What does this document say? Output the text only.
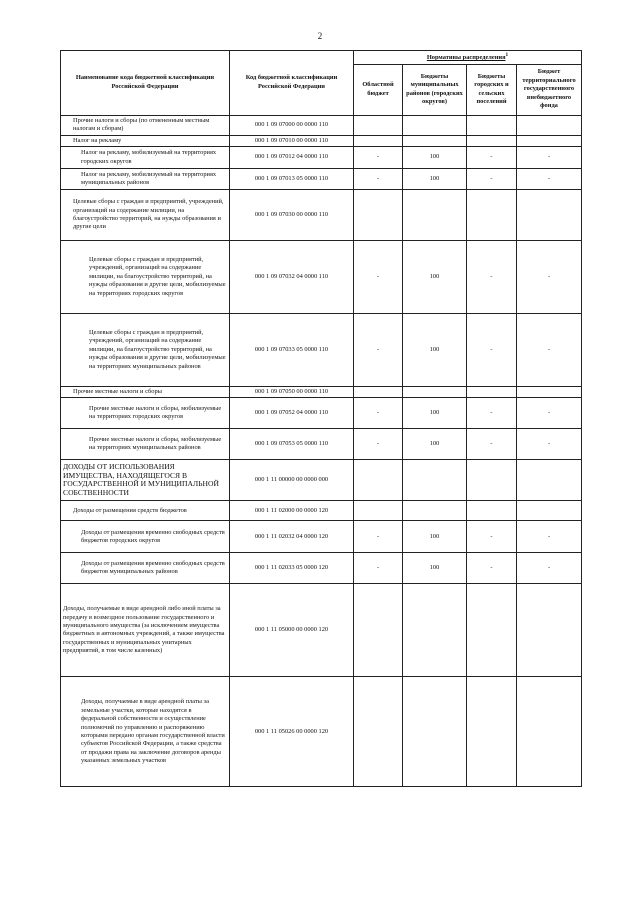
2
Наименование кода бюджетной классификации Российской Федерации	Код бюджетной классификации Российской Федерации	Нормативы распределения$^1$
		Областной бюджет	Бюджеты муниципальных районов (городских округов)	Бюджеты городских и сельских поселений	Бюджет территориального государственного внебюджетного фонда
Прочие налоги и сборы (по отмененным местным налогам и сборам)	000 1 09 07000 00 0000 110				
Налог на рекламу	000 1 09 07010 00 0000 110				
Налог на рекламу, мобилизуемый на территориях городских округов	000 1 09 07012 04 0000 110	-	100	-	-
Налог на рекламу, мобилизуемый на территориях муниципальных районов	000 1 09 07013 05 0000 110	-	100	-	-
Целевые сборы с граждан и предприятий, учреждений, организаций на содержание милиции, на благоустройство территорий, на нужды образования и другие цели	000 1 09 07030 00 0000 110				
Целевые сборы с граждан и предприятий, учреждений, организаций на содержание милиции, на благоустройство территорий, на нужды образования и другие цели, мобилизуемые на территориях городских округов	000 1 09 07032 04 0000 110	-	100	-	-
Целевые сборы с граждан и предприятий, учреждений, организаций на содержание милиции, на благоустройство территорий, на нужды образования и другие цели, мобилизуемые на территориях муниципальных районов	000 1 09 07033 05 0000 110	-	100	-	-
Прочие местные налоги и сборы	000 1 09 07050 00 0000 110				
Прочие местные налоги и сборы, мобилизуемые на территориях городских округов	000 1 09 07052 04 0000 110	-	100	-	-
Прочие местные налоги и сборы, мобилизуемые на территориях муниципальных районов	000 1 09 07053 05 0000 110	-	100	-	-
ДОХОДЫ ОТ ИСПОЛЬЗОВАНИЯ ИМУЩЕСТВА, НАХОДЯЩЕГОСЯ В ГОСУДАРСТВЕННОЙ И МУНИЦИПАЛЬНОЙ СОБСТВЕННОСТИ	000 1 11 00000 00 0000 000				
Доходы от размещения средств бюджетов	000 1 11 02000 00 0000 120				
Доходы от размещения временно свободных средств бюджетов городских округов	000 1 11 02032 04 0000 120	-	100	-	-
Доходы от размещения временно свободных средств бюджетов муниципальных районов	000 1 11 02033 05 0000 120	-	100	-	-
Доходы, получаемые в виде арендной либо иной платы за передачу в возмездное пользование государственного и муниципального имущества (за исключением имущества бюджетных и автономных учреждений, а также имущества государственных и муниципальных унитарных предприятий, в том числе казенных)	000 1 11 05000 00 0000 120				
Доходы, получаемые в виде арендной платы за земельные участки, которые находятся в федеральной собственности и осуществление полномочий по управлению и распоряжению которыми передано органам государственной власти субъектов Российской Федерации, а также средства от продажи права на заключение договоров аренды указанных земельных участков	000 1 11 05026 00 0000 120				
